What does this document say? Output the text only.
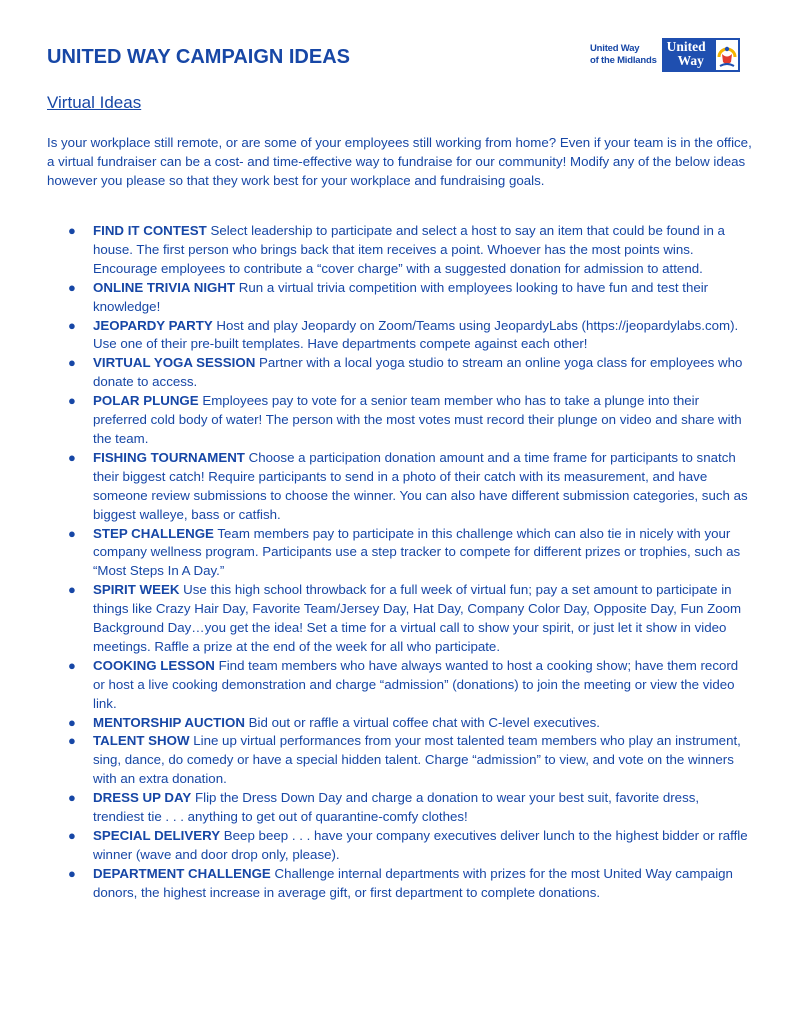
UNITED WAY CAMPAIGN IDEAS	United Way
of the Midlands
United
Way
Virtual Ideas

Is your workplace still remote, or are some of your employees still working from home? Even if your team is in the office, a virtual fundraiser can be a cost- and time-effective way to fundraise for our community! Modify any of the below ideas however you please so that they work best for your workplace and fundraising goals.

● FIND IT CONTEST Select leadership to participate and select a host to say an item that could be found in a house. The first person who brings back that item receives a point. Whoever has the most points wins. Encourage employees to contribute a “cover charge” with a suggested donation for admission to attend.
● ONLINE TRIVIA NIGHT Run a virtual trivia competition with employees looking to have fun and test their knowledge!
● JEOPARDY PARTY Host and play Jeopardy on Zoom/Teams using JeopardyLabs (https://jeopardylabs.com). Use one of their pre-built templates. Have departments compete against each other!
● VIRTUAL YOGA SESSION Partner with a local yoga studio to stream an online yoga class for employees who donate to access.
● POLAR PLUNGE Employees pay to vote for a senior team member who has to take a plunge into their preferred cold body of water! The person with the most votes must record their plunge on video and share with the team.
● FISHING TOURNAMENT Choose a participation donation amount and a time frame for participants to snatch their biggest catch! Require participants to send in a photo of their catch with its measurement, and have someone review submissions to choose the winner. You can also have different submission categories, such as biggest walleye, bass or catfish.
● STEP CHALLENGE Team members pay to participate in this challenge which can also tie in nicely with your company wellness program. Participants use a step tracker to compete for different prizes or trophies, such as “Most Steps In A Day.”
● SPIRIT WEEK Use this high school throwback for a full week of virtual fun; pay a set amount to participate in things like Crazy Hair Day, Favorite Team/Jersey Day, Hat Day, Company Color Day, Opposite Day, Fun Zoom Background Day…you get the idea! Set a time for a virtual call to show your spirit, or just let it show in video meetings. Raffle a prize at the end of the week for all who participate.
● COOKING LESSON Find team members who have always wanted to host a cooking show; have them record or host a live cooking demonstration and charge “admission” (donations) to join the meeting or view the video link.
● MENTORSHIP AUCTION Bid out or raffle a virtual coffee chat with C-level executives.
● TALENT SHOW Line up virtual performances from your most talented team members who play an instrument, sing, dance, do comedy or have a special hidden talent. Charge “admission” to view, and vote on the winners with an extra donation.
● DRESS UP DAY Flip the Dress Down Day and charge a donation to wear your best suit, favorite dress, trendiest tie . . . anything to get out of quarantine-comfy clothes!
● SPECIAL DELIVERY Beep beep . . . have your company executives deliver lunch to the highest bidder or raffle winner (wave and door drop only, please).
● DEPARTMENT CHALLENGE Challenge internal departments with prizes for the most United Way campaign donors, the highest increase in average gift, or first department to complete donations.
